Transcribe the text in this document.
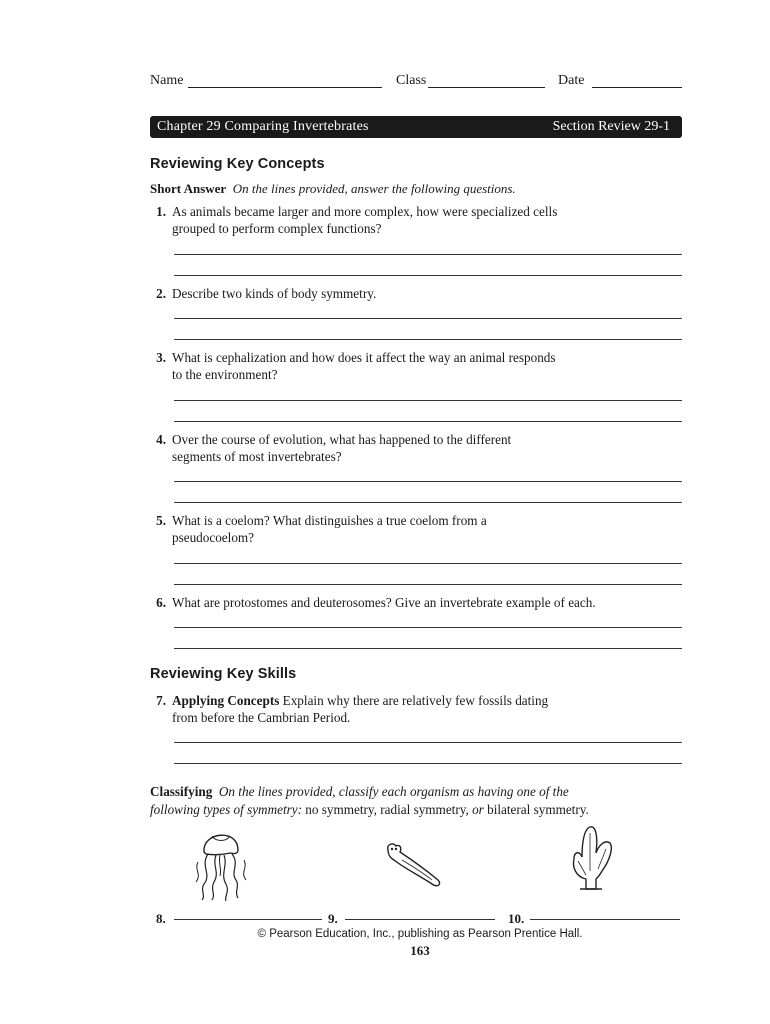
Name	Class	Date
Chapter 29 Comparing Invertebrates	Section Review 29-1
Reviewing Key Concepts
Short Answer On the lines provided, answer the following questions.
1. As animals became larger and more complex, how were specialized cells grouped to perform complex functions?
2. Describe two kinds of body symmetry.
3. What is cephalization and how does it affect the way an animal responds to the environment?
4. Over the course of evolution, what has happened to the different segments of most invertebrates?
5. What is a coelom? What distinguishes a true coelom from a pseudocoelom?
6. What are protostomes and deuterosomes? Give an invertebrate example of each.
Reviewing Key Skills
7. Applying Concepts Explain why there are relatively few fossils dating from before the Cambrian Period.
Classifying On the lines provided, classify each organism as having one of the following types of symmetry: no symmetry, radial symmetry, or bilateral symmetry.
8.	9.	10.
© Pearson Education, Inc., publishing as Pearson Prentice Hall.
163
